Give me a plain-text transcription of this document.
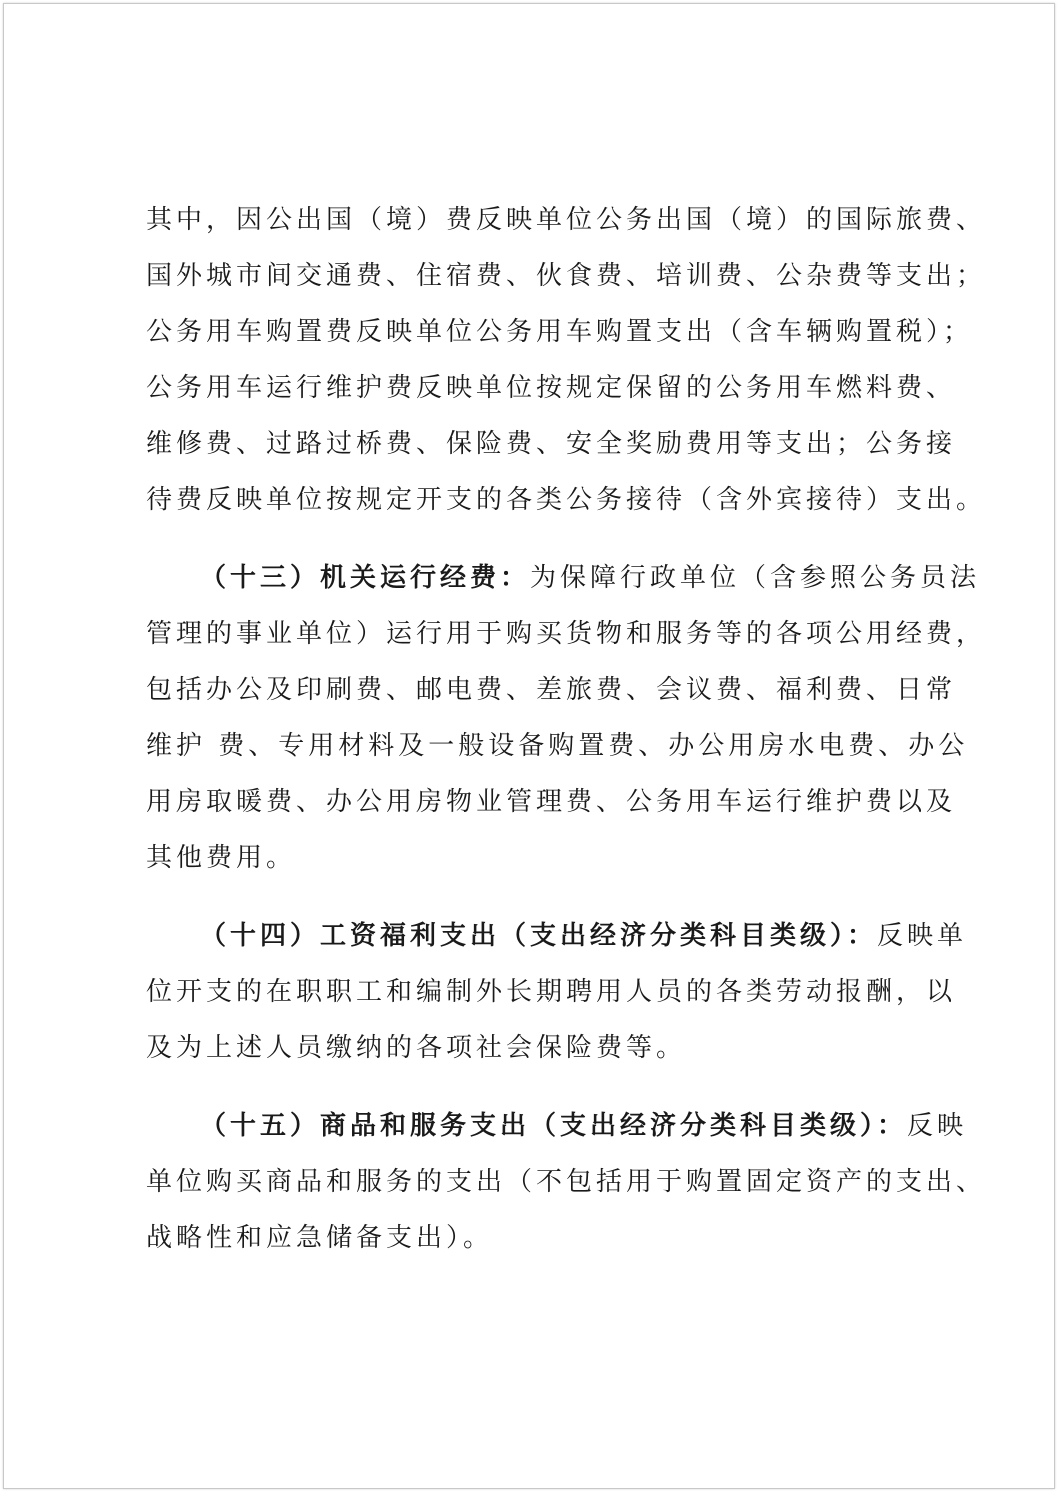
其中，因公出国（境）费反映单位公务出国（境）的国际旅费、
国外城市间交通费、住宿费、伙食费、培训费、公杂费等支出；
公务用车购置费反映单位公务用车购置支出（含车辆购置税）；
公务用车运行维护费反映单位按规定保留的公务用车燃料费、
维修费、过路过桥费、保险费、安全奖励费用等支出；公务接
待费反映单位按规定开支的各类公务接待（含外宾接待）支出。
（十三）机关运行经费：为保障行政单位（含参照公务员法
管理的事业单位）运行用于购买货物和服务等的各项公用经费，
包括办公及印刷费、邮电费、差旅费、会议费、福利费、日常
维护 费、专用材料及一般设备购置费、办公用房水电费、办公
用房取暖费、办公用房物业管理费、公务用车运行维护费以及
其他费用。
（十四）工资福利支出（支出经济分类科目类级）：反映单
位开支的在职职工和编制外长期聘用人员的各类劳动报酬，以
及为上述人员缴纳的各项社会保险费等。
（十五）商品和服务支出（支出经济分类科目类级）：反映
单位购买商品和服务的支出（不包括用于购置固定资产的支出、
战略性和应急储备支出）。
